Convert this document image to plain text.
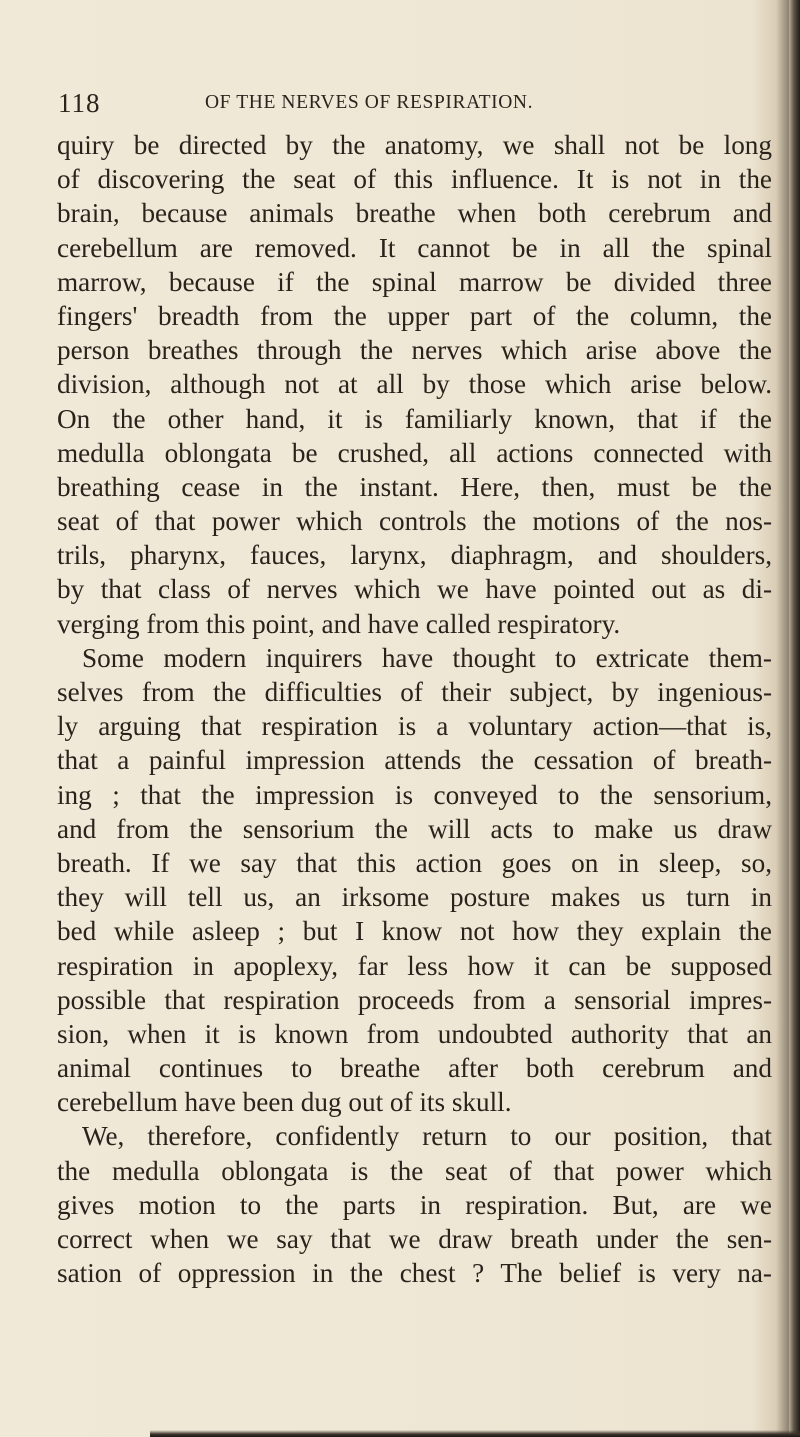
118	OF THE NERVES OF RESPIRATION.
quiry be directed by the anatomy, we shall not be long
of discovering the seat of this influence. It is not in the
brain, because animals breathe when both cerebrum and
cerebellum are removed. It cannot be in all the spinal
marrow, because if the spinal marrow be divided three
fingers' breadth from the upper part of the column, the
person breathes through the nerves which arise above the
division, although not at all by those which arise below.
On the other hand, it is familiarly known, that if the
medulla oblongata be crushed, all actions connected with
breathing cease in the instant. Here, then, must be the
seat of that power which controls the motions of the nos-
trils, pharynx, fauces, larynx, diaphragm, and shoulders,
by that class of nerves which we have pointed out as di-
verging from this point, and have called respiratory.
Some modern inquirers have thought to extricate them-
selves from the difficulties of their subject, by ingenious-
ly arguing that respiration is a voluntary action—that is,
that a painful impression attends the cessation of breath-
ing ; that the impression is conveyed to the sensorium,
and from the sensorium the will acts to make us draw
breath. If we say that this action goes on in sleep, so,
they will tell us, an irksome posture makes us turn in
bed while asleep ; but I know not how they explain the
respiration in apoplexy, far less how it can be supposed
possible that respiration proceeds from a sensorial impres-
sion, when it is known from undoubted authority that an
animal continues to breathe after both cerebrum and
cerebellum have been dug out of its skull.
We, therefore, confidently return to our position, that
the medulla oblongata is the seat of that power which
gives motion to the parts in respiration. But, are we
correct when we say that we draw breath under the sen-
sation of oppression in the chest ? The belief is very na-
